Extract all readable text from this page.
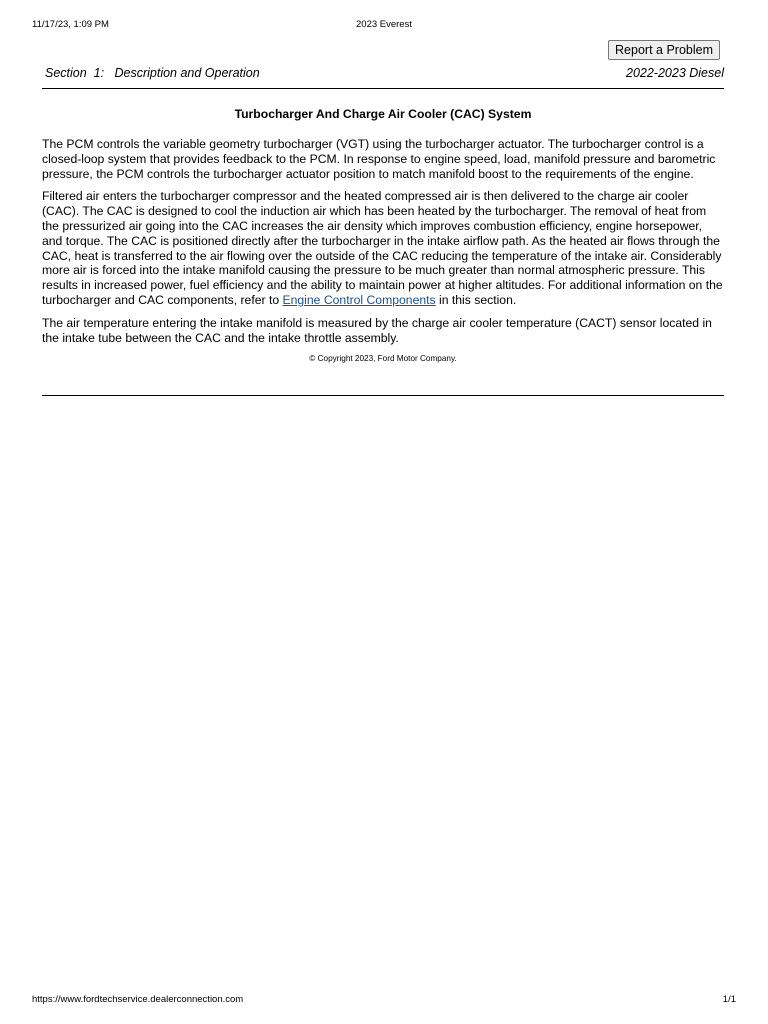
11/17/23, 1:09 PM	2023 Everest
Report a Problem
Section  1:   Description and Operation	2022-2023 Diesel
Turbocharger And Charge Air Cooler (CAC) System

The PCM controls the variable geometry turbocharger (VGT) using the turbocharger actuator. The turbocharger control is a closed-loop system that provides feedback to the PCM. In response to engine speed, load, manifold pressure and barometric pressure, the PCM controls the turbocharger actuator position to match manifold boost to the requirements of the engine.

Filtered air enters the turbocharger compressor and the heated compressed air is then delivered to the charge air cooler (CAC). The CAC is designed to cool the induction air which has been heated by the turbocharger. The removal of heat from the pressurized air going into the CAC increases the air density which improves combustion efficiency, engine horsepower, and torque. The CAC is positioned directly after the turbocharger in the intake airflow path. As the heated air flows through the CAC, heat is transferred to the air flowing over the outside of the CAC reducing the temperature of the intake air. Considerably more air is forced into the intake manifold causing the pressure to be much greater than normal atmospheric pressure. This results in increased power, fuel efficiency and the ability to maintain power at higher altitudes. For additional information on the turbocharger and CAC components, refer to Engine Control Components in this section.

The air temperature entering the intake manifold is measured by the charge air cooler temperature (CACT) sensor located in the intake tube between the CAC and the intake throttle assembly.

© Copyright 2023, Ford Motor Company.
https://www.fordtechservice.dealerconnection.com	1/1
